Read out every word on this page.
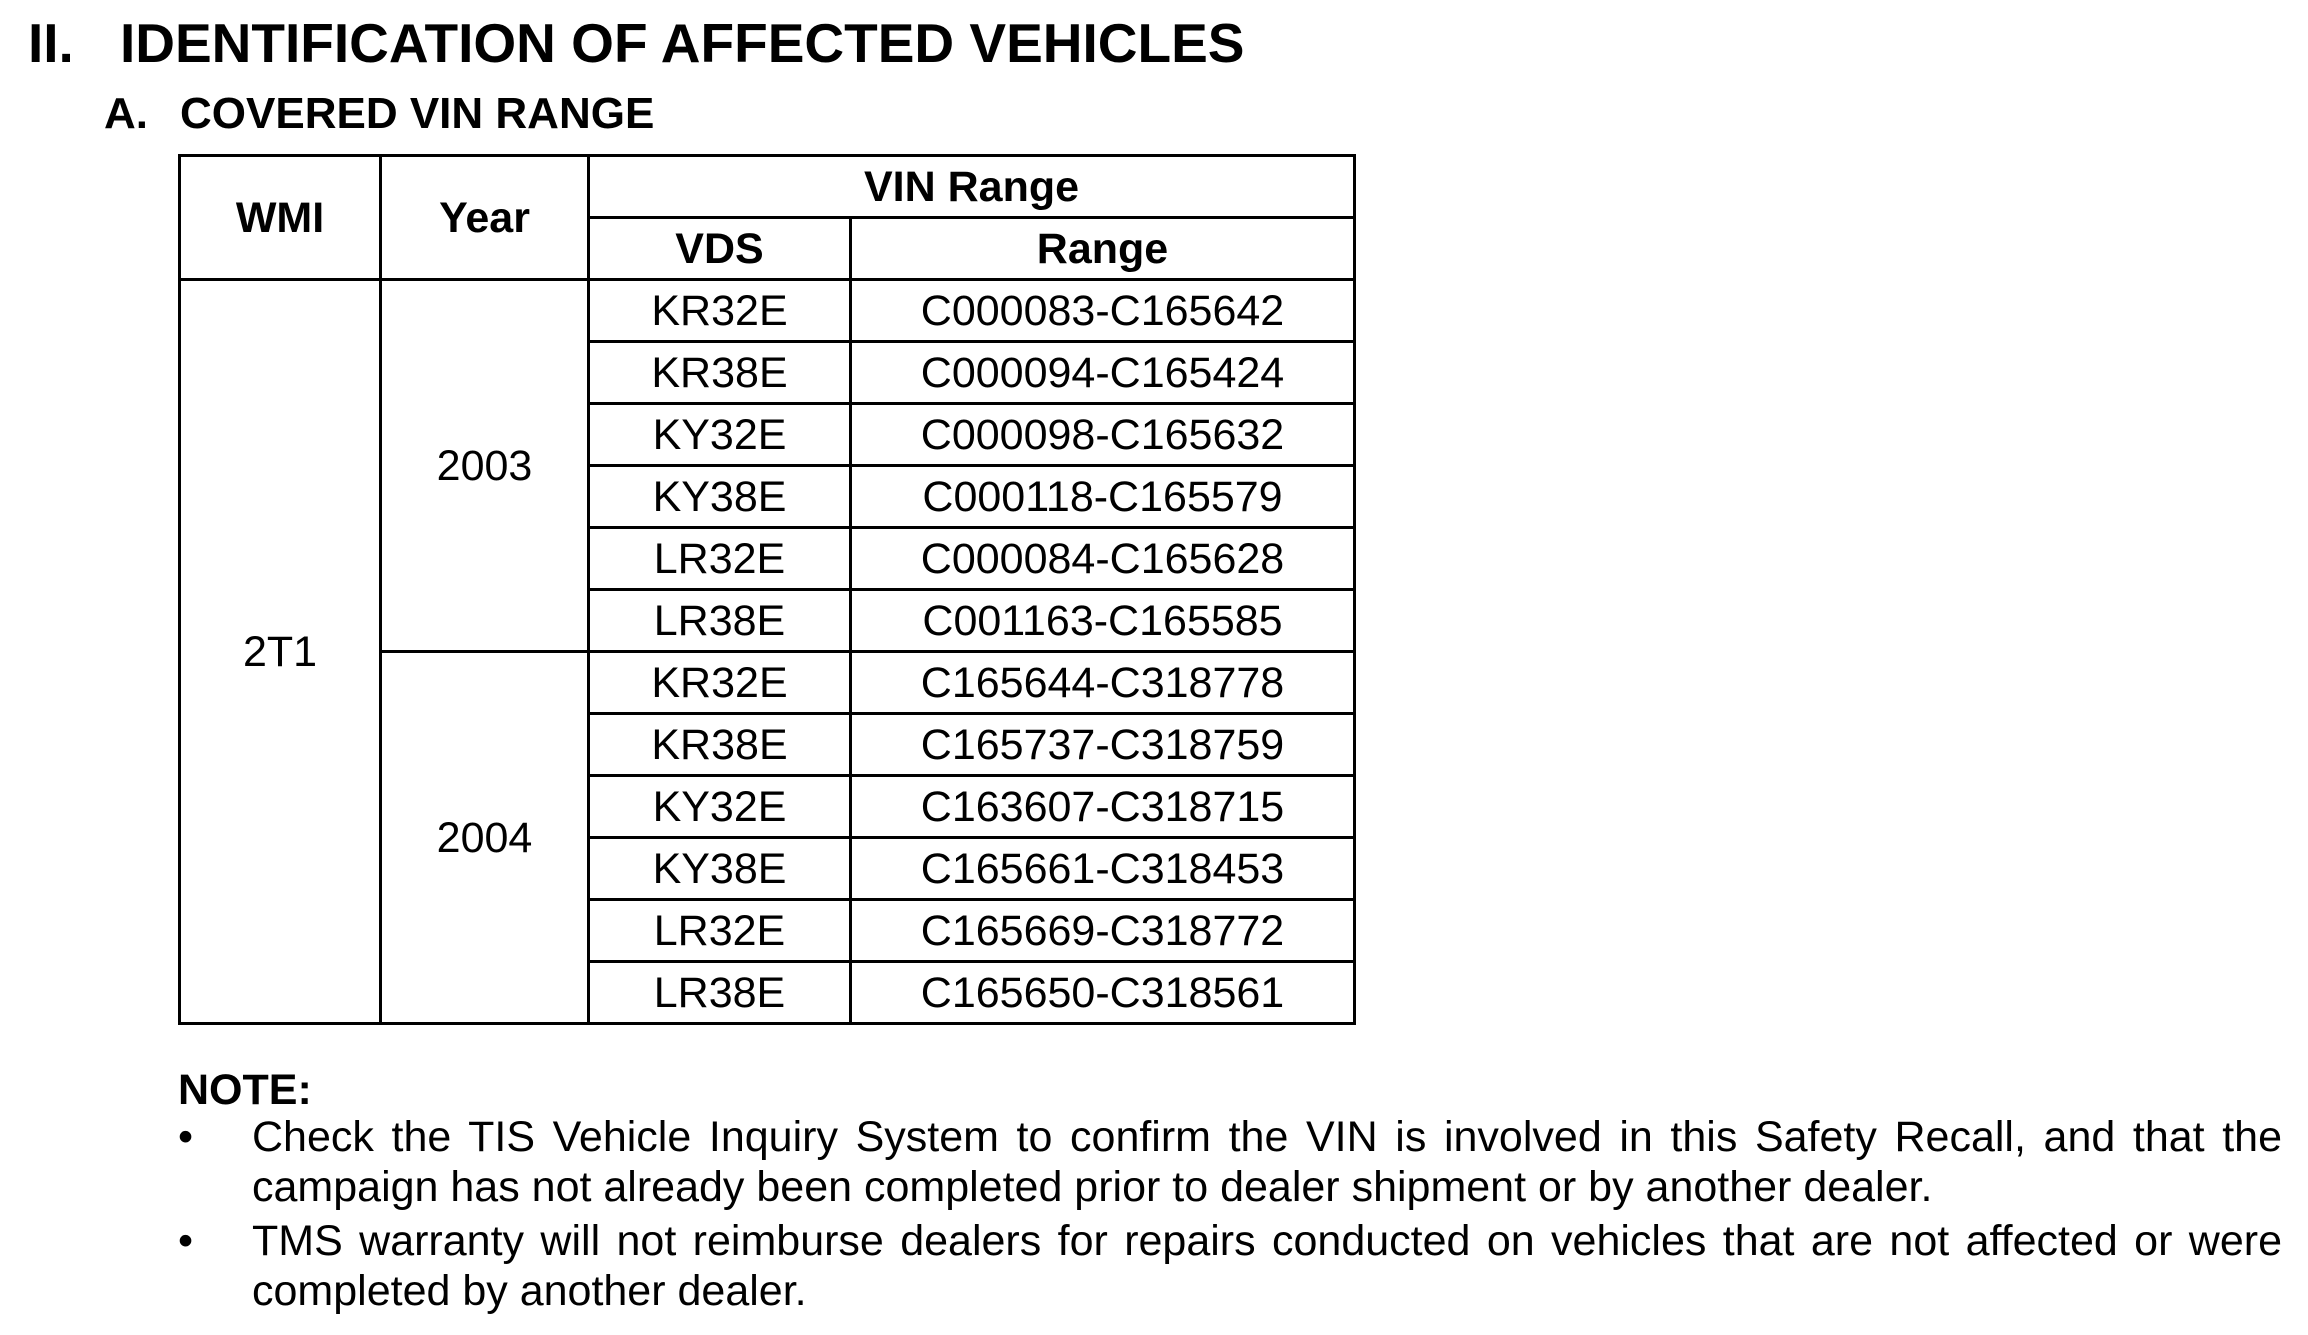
II. IDENTIFICATION OF AFFECTED VEHICLES
A. COVERED VIN RANGE
WMI	Year	VIN Range	
		VDS	Range
2T1	2003	KR32E	C000083-C165642
		KR38E	C000094-C165424
		KY32E	C000098-C165632
		KY38E	C000118-C165579
		LR32E	C000084-C165628
		LR38E	C001163-C165585
	2004	KR32E	C165644-C318778
		KR38E	C165737-C318759
		KY32E	C163607-C318715
		KY38E	C165661-C318453
		LR32E	C165669-C318772
		LR38E	C165650-C318561
NOTE:
•	Check the TIS Vehicle Inquiry System to confirm the VIN is involved in this Safety Recall, and that the campaign has not already been completed prior to dealer shipment or by another dealer.
•	TMS warranty will not reimburse dealers for repairs conducted on vehicles that are not affected or were completed by another dealer.
